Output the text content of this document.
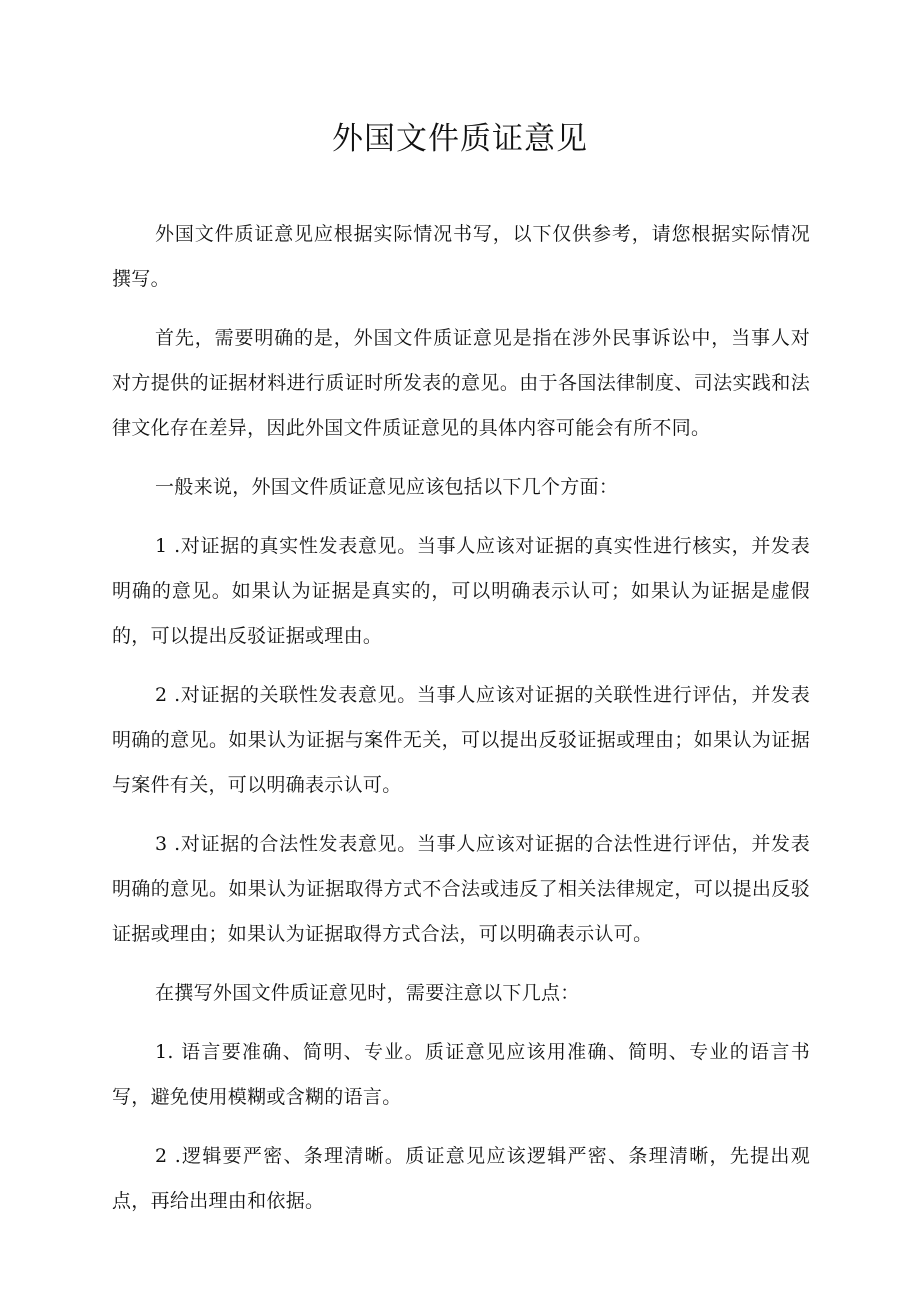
外国文件质证意见

外国文件质证意见应根据实际情况书写，以下仅供参考，请您根据实际情况撰写。

首先，需要明确的是，外国文件质证意见是指在涉外民事诉讼中，当事人对对方提供的证据材料进行质证时所发表的意见。由于各国法律制度、司法实践和法律文化存在差异，因此外国文件质证意见的具体内容可能会有所不同。

一般来说，外国文件质证意见应该包括以下几个方面：

1 .对证据的真实性发表意见。当事人应该对证据的真实性进行核实，并发表明确的意见。如果认为证据是真实的，可以明确表示认可；如果认为证据是虚假的，可以提出反驳证据或理由。

2 .对证据的关联性发表意见。当事人应该对证据的关联性进行评估，并发表明确的意见。如果认为证据与案件无关，可以提出反驳证据或理由；如果认为证据与案件有关，可以明确表示认可。

3 .对证据的合法性发表意见。当事人应该对证据的合法性进行评估，并发表明确的意见。如果认为证据取得方式不合法或违反了相关法律规定，可以提出反驳证据或理由；如果认为证据取得方式合法，可以明确表示认可。

在撰写外国文件质证意见时，需要注意以下几点：

1. 语言要准确、简明、专业。质证意见应该用准确、简明、专业的语言书写，避免使用模糊或含糊的语言。

2 .逻辑要严密、条理清晰。质证意见应该逻辑严密、条理清晰，先提出观点，再给出理由和依据。
